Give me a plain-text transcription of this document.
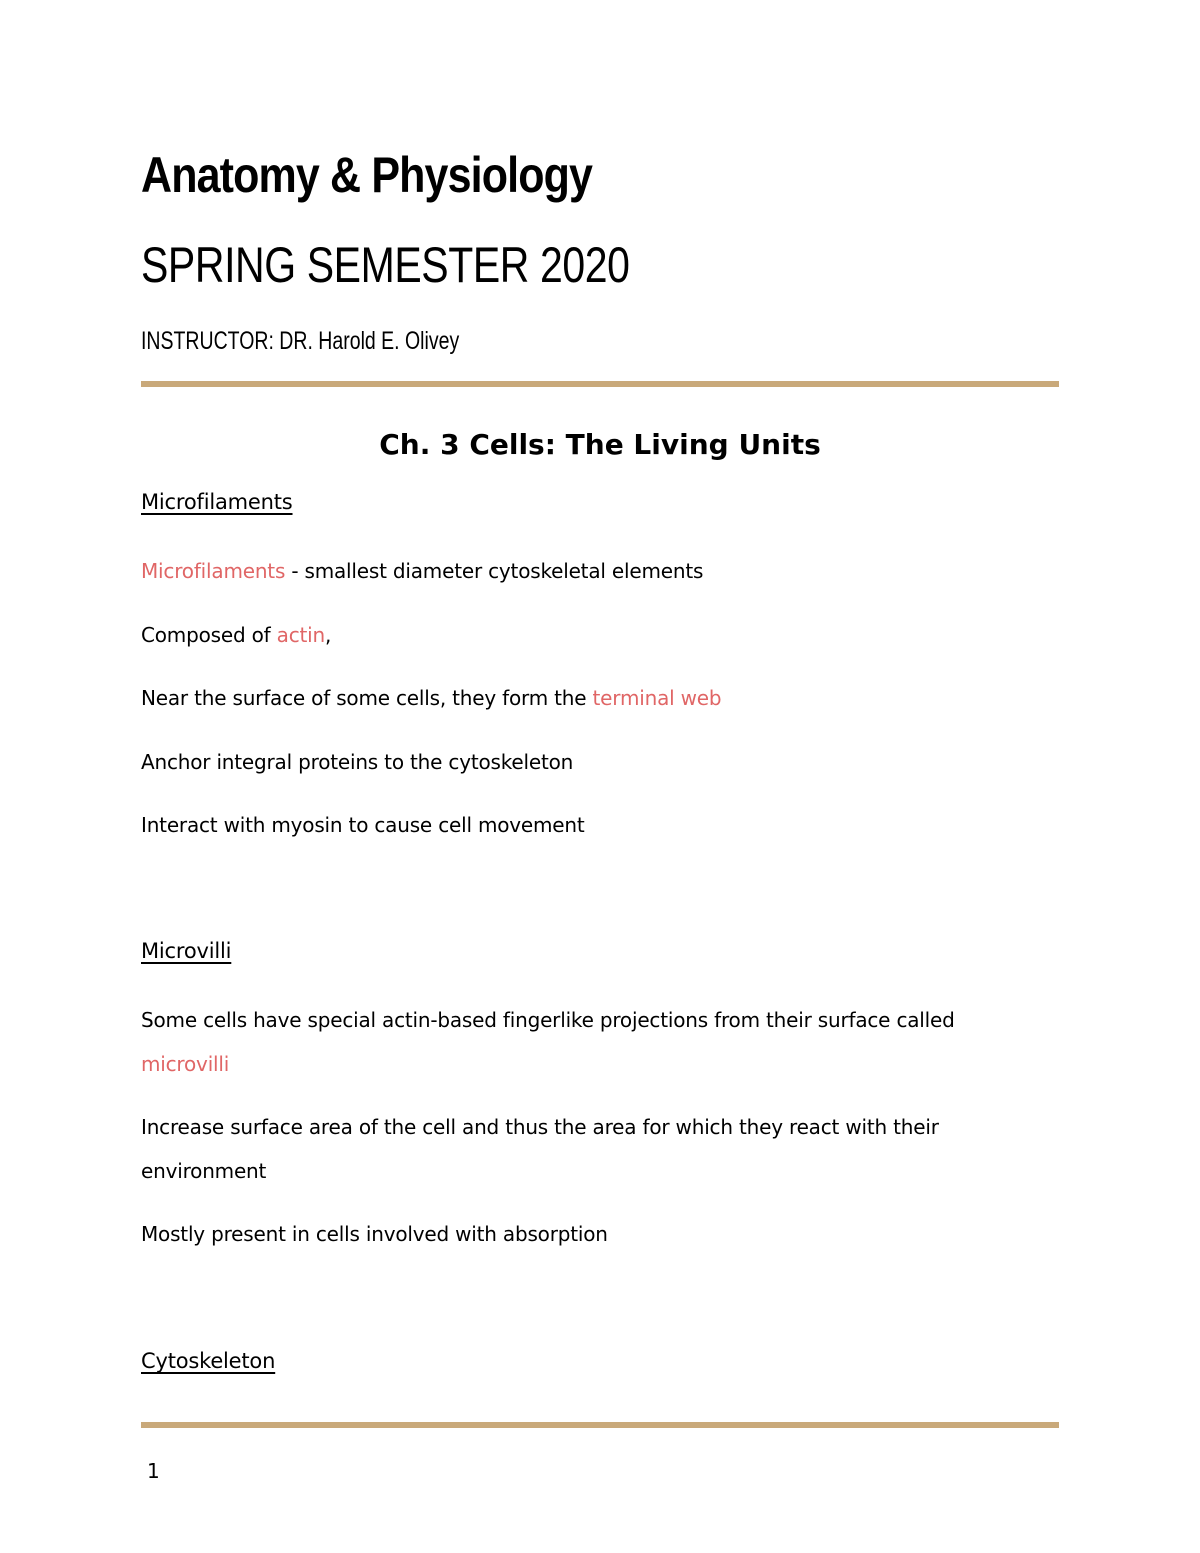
Anatomy & Physiology
SPRING SEMESTER 2020
INSTRUCTOR: DR. Harold E. Olivey
Ch. 3 Cells: The Living Units
Microfilaments
Microfilaments - smallest diameter cytoskeletal elements
Composed of actin,
Near the surface of some cells, they form the terminal web
Anchor integral proteins to the cytoskeleton
Interact with myosin to cause cell movement
Microvilli
Some cells have special actin-based fingerlike projections from their surface called
microvilli
Increase surface area of the cell and thus the area for which they react with their
environment
Mostly present in cells involved with absorption
Cytoskeleton
1
